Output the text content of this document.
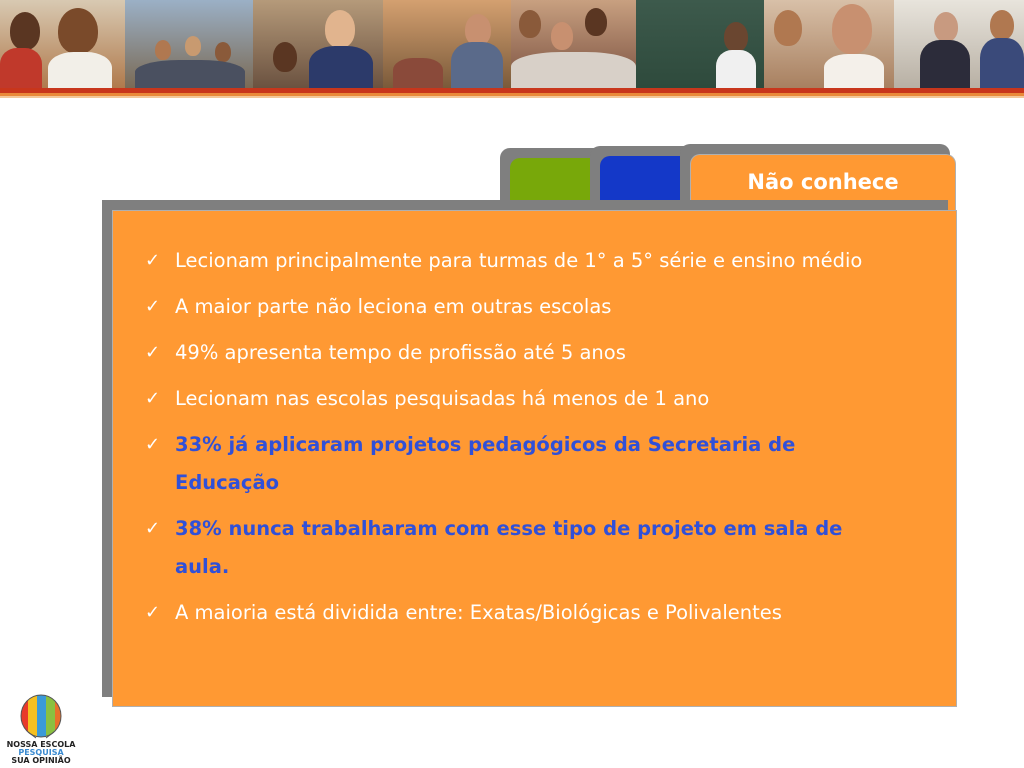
Não conhece
✓ Lecionam principalmente para turmas de 1° a 5° série e ensino médio
✓ A maior parte não leciona em outras escolas
✓ 49% apresenta tempo de profissão até 5 anos
✓ Lecionam nas escolas pesquisadas há menos de 1 ano
✓ 33% já aplicaram projetos pedagógicos da Secretaria de Educação
✓ 38% nunca trabalharam com esse tipo de projeto em sala de aula.
✓ A maioria está dividida entre: Exatas/Biológicas e Polivalentes
NOSSA ESCOLA
PESQUISA
SUA OPINIÃO
